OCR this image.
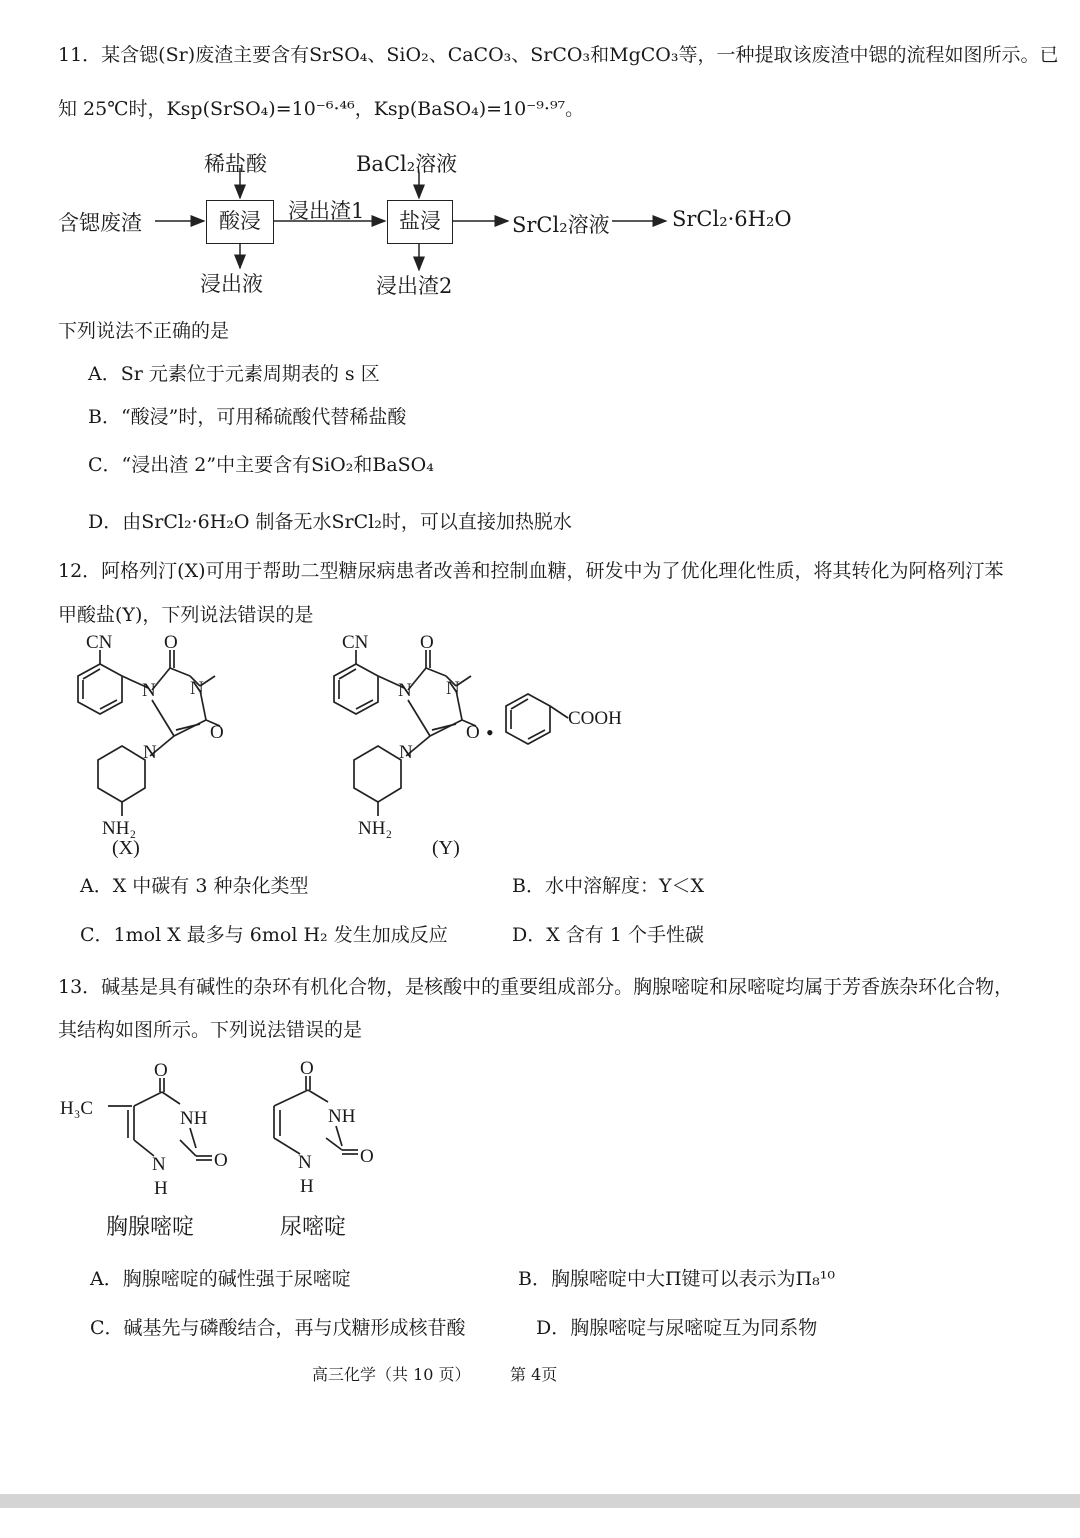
11．某含锶(Sr)废渣主要含有SrSO₄、SiO₂、CaCO₃、SrCO₃和MgCO₃等，一种提取该废渣中锶的流程如图所示。已
知 25℃时，Ksp(SrSO₄)=10⁻⁶·⁴⁶，Ksp(BaSO₄)=10⁻⁹·⁹⁷。
含锶废渣
稀盐酸
酸浸
浸出液
浸出渣1
BaCl₂溶液
盐浸
浸出渣2
SrCl₂溶液	SrCl₂·6H₂O
下列说法不正确的是
A．Sr 元素位于元素周期表的 s 区
B．“酸浸”时，可用稀硫酸代替稀盐酸
C．“浸出渣 2”中主要含有SiO₂和BaSO₄
D．由SrCl₂·6H₂O 制备无水SrCl₂时，可以直接加热脱水
12．阿格列汀(X)可用于帮助二型糖尿病患者改善和控制血糖，研发中为了优化理化性质，将其转化为阿格列汀苯
甲酸盐(Y)，下列说法错误的是
CN	O
N N
O
N
NH₂
(X)
CN	O
N N
O
N
NH₂
•
COOH
(Y)
A．X 中碳有 3 种杂化类型	B．水中溶解度：Y＜X
C．1mol X 最多与 6mol H₂ 发生加成反应	D．X 含有 1 个手性碳
13．碱基是具有碱性的杂环有机化合物，是核酸中的重要组成部分。胸腺嘧啶和尿嘧啶均属于芳香族杂环化合物，
其结构如图所示。下列说法错误的是
H₃C
O
NH
N	O
H
O
NH
N	O
H
胸腺嘧啶	尿嘧啶
A．胸腺嘧啶的碱性强于尿嘧啶	B．胸腺嘧啶中大Π键可以表示为Π₈¹⁰
C．碱基先与磷酸结合，再与戊糖形成核苷酸	D．胸腺嘧啶与尿嘧啶互为同系物
高三化学（共 10 页） 第 4页
